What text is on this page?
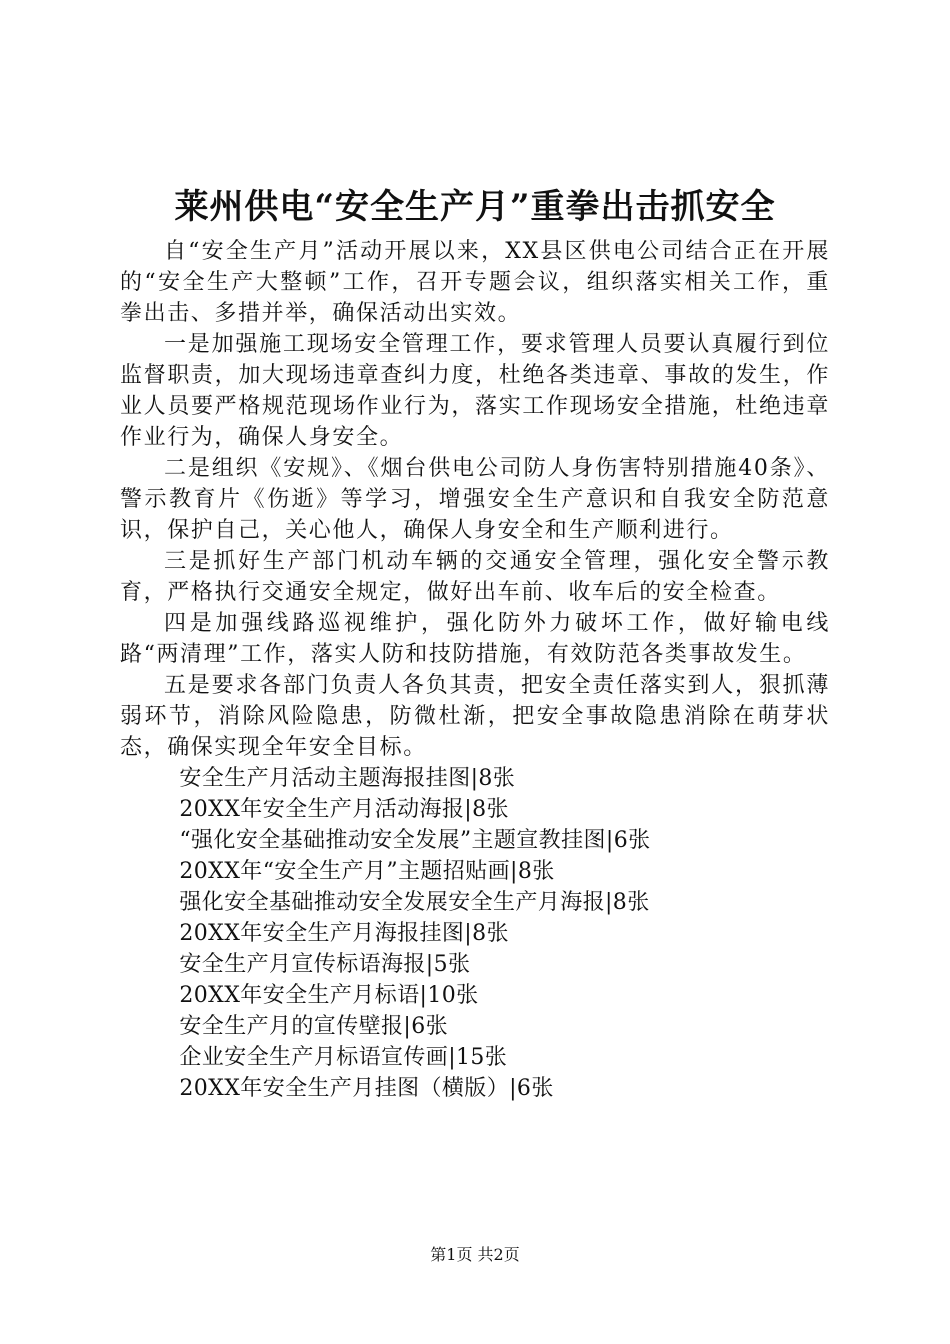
莱州供电“安全生产月”重拳出击抓安全

自“安全生产月”活动开展以来，XX县区供电公司结合正在开展的“安全生产大整顿”工作，召开专题会议，组织落实相关工作，重拳出击、多措并举，确保活动出实效。

一是加强施工现场安全管理工作，要求管理人员要认真履行到位监督职责，加大现场违章查纠力度，杜绝各类违章、事故的发生，作业人员要严格规范现场作业行为，落实工作现场安全措施，杜绝违章作业行为，确保人身安全。

二是组织《安规》、《烟台供电公司防人身伤害特别措施40条》、警示教育片《伤逝》等学习，增强安全生产意识和自我安全防范意识，保护自己，关心他人，确保人身安全和生产顺利进行。

三是抓好生产部门机动车辆的交通安全管理，强化安全警示教育，严格执行交通安全规定，做好出车前、收车后的安全检查。

四是加强线路巡视维护，强化防外力破坏工作，做好输电线路“两清理”工作，落实人防和技防措施，有效防范各类事故发生。

五是要求各部门负责人各负其责，把安全责任落实到人，狠抓薄弱环节，消除风险隐患，防微杜渐，把安全事故隐患消除在萌芽状态，确保实现全年安全目标。

安全生产月活动主题海报挂图|8张
20XX年安全生产月活动海报|8张
“强化安全基础推动安全发展”主题宣教挂图|6张
20XX年“安全生产月”主题招贴画|8张
强化安全基础推动安全发展安全生产月海报|8张
20XX年安全生产月海报挂图|8张
安全生产月宣传标语海报|5张
20XX年安全生产月标语|10张
安全生产月的宣传壁报|6张
企业安全生产月标语宣传画|15张
20XX年安全生产月挂图（横版）|6张
第1页 共2页
